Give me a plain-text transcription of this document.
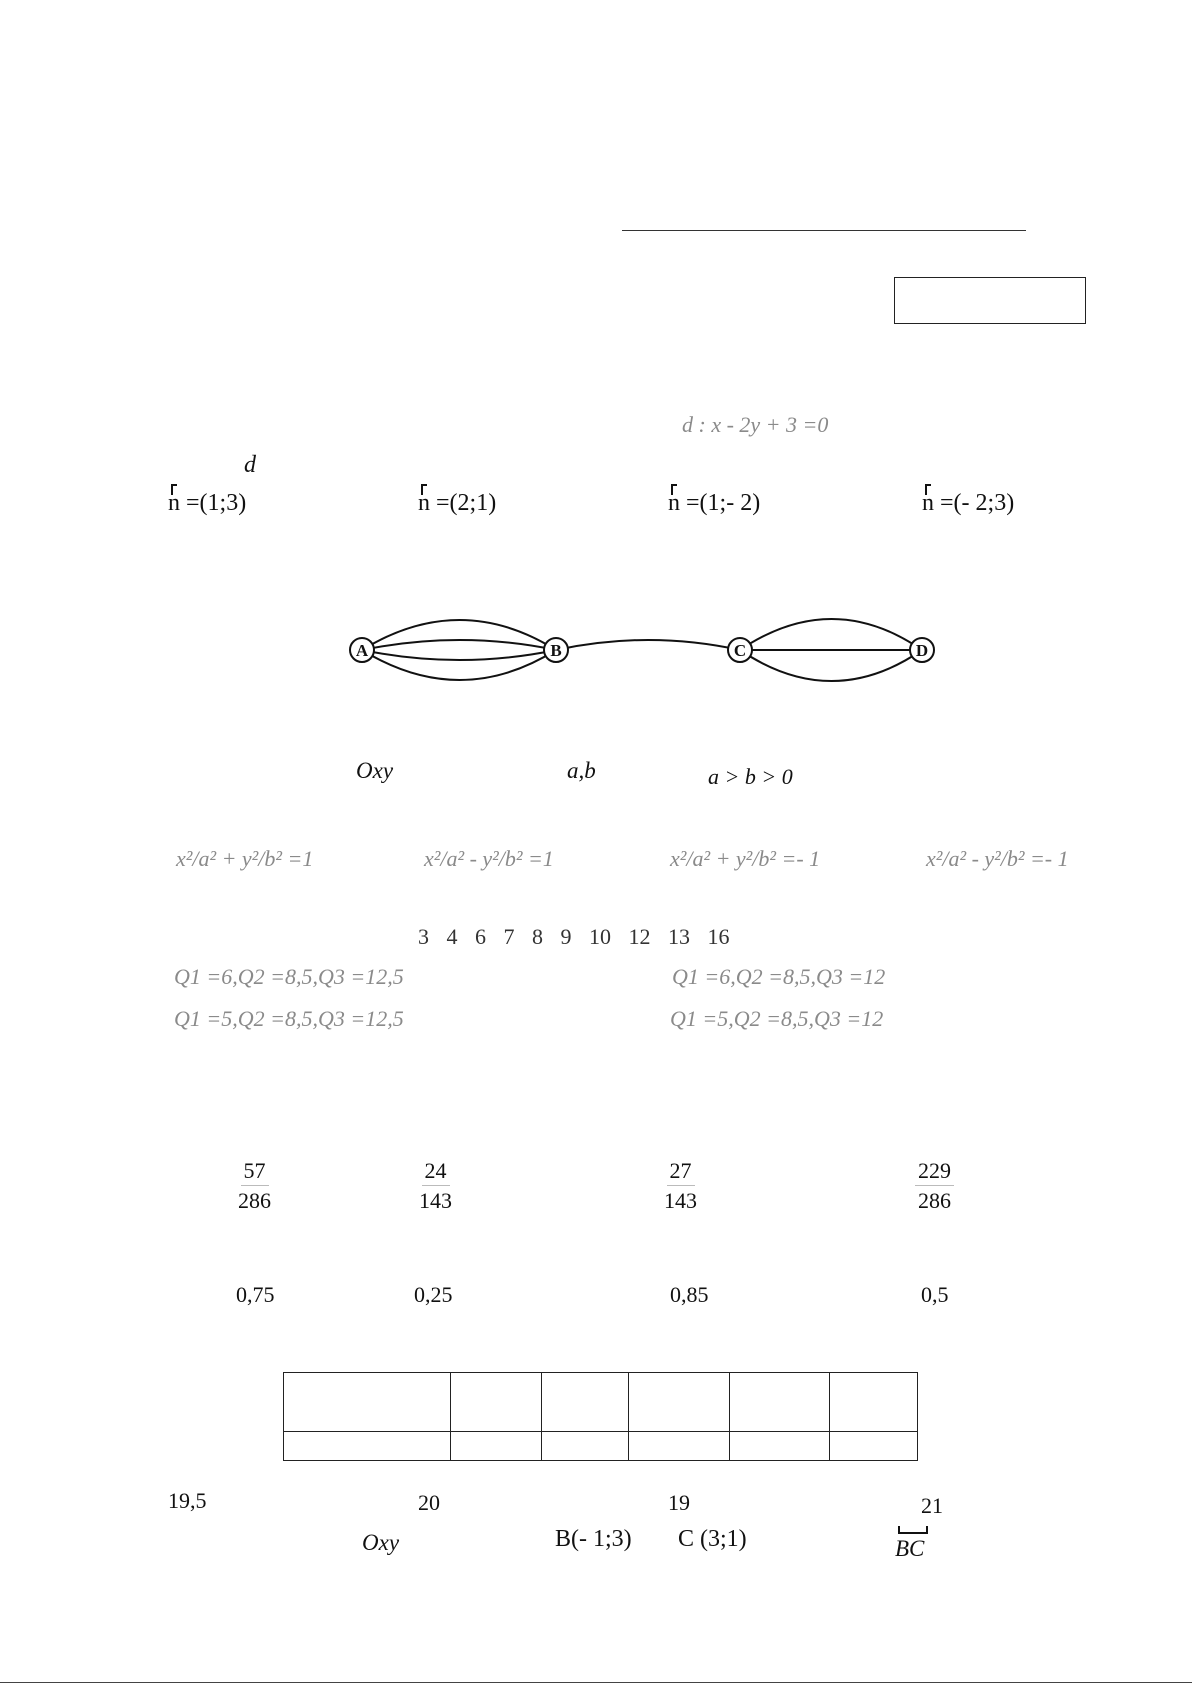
d : x - 2y + 3 =0
d
n =(1;3)	n =(2;1)	n =(1;- 2)	n =(- 2;3)
A	B	C	D
Oxy	a,b	a > b > 0
x²/a² + y²/b² =1	x²/a² - y²/b² =1	x²/a² + y²/b² =- 1	x²/a² - y²/b² =- 1
3 4 6 7 8 9 10 12 13 16
Q1 =6,Q2 =8,5,Q3 =12,5	Q1 =6,Q2 =8,5,Q3 =12
Q1 =5,Q2 =8,5,Q3 =12,5	Q1 =5,Q2 =8,5,Q3 =12
$\frac{57}{286}$	$\frac{24}{143}$	$\frac{27}{143}$	$\frac{229}{286}$
0,75	0,25	0,85	0,5

19,5	20	19	21
Oxy	B(- 1;3) C (3;1)	BC
